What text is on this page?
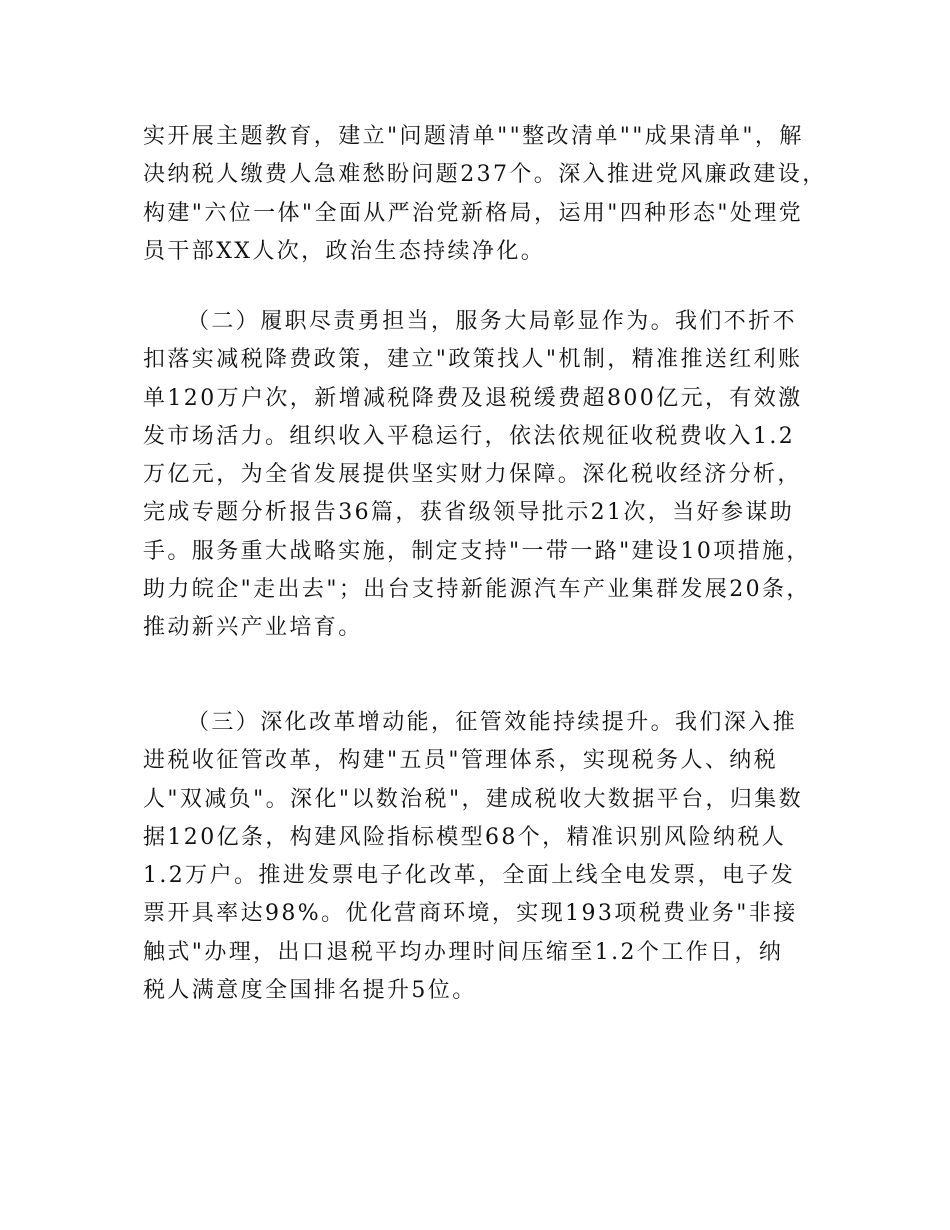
实开展主题教育，建立"问题清单""整改清单""成果清单"，解
决纳税人缴费人急难愁盼问题237个。深入推进党风廉政建设，
构建"六位一体"全面从严治党新格局，运用"四种形态"处理党
员干部XX人次，政治生态持续净化。
（二）履职尽责勇担当，服务大局彰显作为。我们不折不
扣落实减税降费政策，建立"政策找人"机制，精准推送红利账
单120万户次，新增减税降费及退税缓费超800亿元，有效激
发市场活力。组织收入平稳运行，依法依规征收税费收入1.2
万亿元，为全省发展提供坚实财力保障。深化税收经济分析，
完成专题分析报告36篇，获省级领导批示21次，当好参谋助
手。服务重大战略实施，制定支持"一带一路"建设10项措施，
助力皖企"走出去"；出台支持新能源汽车产业集群发展20条，
推动新兴产业培育。
（三）深化改革增动能，征管效能持续提升。我们深入推
进税收征管改革，构建"五员"管理体系，实现税务人、纳税
人"双减负"。深化"以数治税"，建成税收大数据平台，归集数
据120亿条，构建风险指标模型68个，精准识别风险纳税人
1.2万户。推进发票电子化改革，全面上线全电发票，电子发
票开具率达98%。优化营商环境，实现193项税费业务"非接
触式"办理，出口退税平均办理时间压缩至1.2个工作日，纳
税人满意度全国排名提升5位。
